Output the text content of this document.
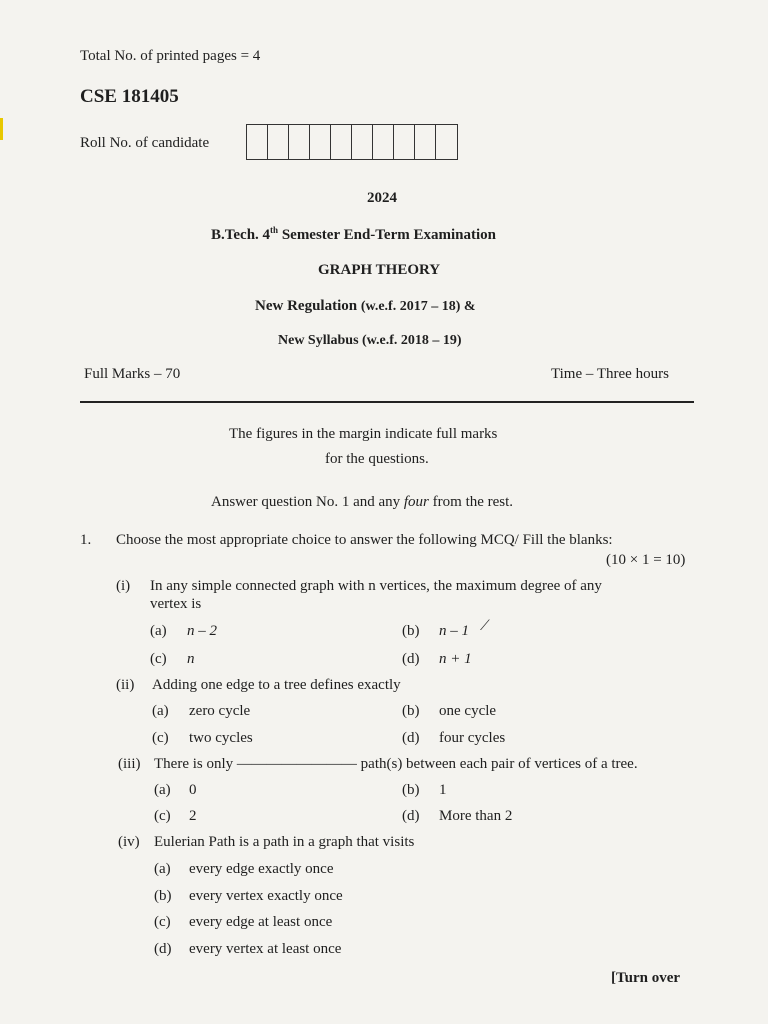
Total No. of printed pages = 4
CSE 181405
Roll No. of candidate
2024
B.Tech. 4th Semester End-Term Examination
GRAPH THEORY
New Regulation (w.e.f. 2017 – 18) &
New Syllabus (w.e.f. 2018 – 19)
Full Marks – 70	Time – Three hours
The figures in the margin indicate full marks
for the questions.
Answer question No. 1 and any four from the rest.
1. Choose the most appropriate choice to answer the following MCQ/ Fill the blanks:
(10 × 1 = 10)
(i) In any simple connected graph with n vertices, the maximum degree of any
vertex is
(a) n – 2	(b) n – 1 ⟋
(c) n	(d) n + 1
(ii) Adding one edge to a tree defines exactly
(a) zero cycle	(b) one cycle
(c) two cycles	(d) four cycles
(iii) There is only ———————— path(s) between each pair of vertices of a tree.
(a) 0	(b) 1
(c) 2	(d) More than 2
(iv) Eulerian Path is a path in a graph that visits
(a) every edge exactly once
(b) every vertex exactly once
(c) every edge at least once
(d) every vertex at least once
[Turn over
